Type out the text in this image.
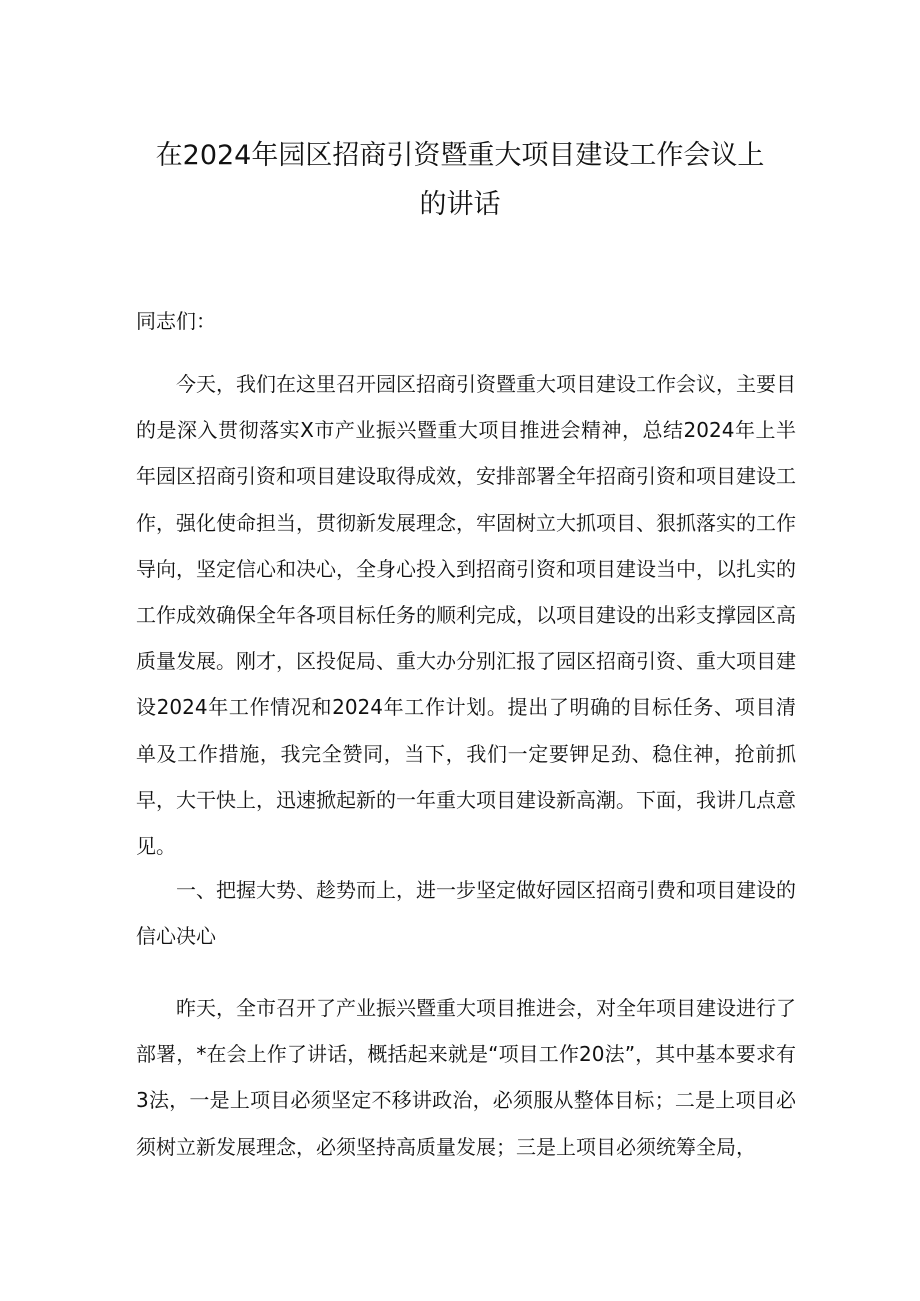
在2024年园区招商引资暨重大项目建设工作会议上
的讲话
同志们：

今天，我们在这里召开园区招商引资暨重大项目建设工作会议，主要目的是深入贯彻落实X市产业振兴暨重大项目推进会精神，总结2024年上半年园区招商引资和项目建设取得成效，安排部署全年招商引资和项目建设工作，强化使命担当，贯彻新发展理念，牢固树立大抓项目、狠抓落实的工作导向，坚定信心和决心，全身心投入到招商引资和项目建设当中，以扎实的工作成效确保全年各项目标任务的顺利完成，以项目建设的出彩支撑园区高质量发展。刚才，区投促局、重大办分别汇报了园区招商引资、重大项目建设2024年工作情况和2024年工作计划。提出了明确的目标任务、项目清单及工作措施，我完全赞同，当下，我们一定要钾足劲、稳住神，抢前抓早，大干快上，迅速掀起新的一年重大项目建设新高潮。下面，我讲几点意见。

一、把握大势、趁势而上，进一步坚定做好园区招商引费和项目建设的信心决心

昨天，全市召开了产业振兴暨重大项目推进会，对全年项目建设进行了部署，*在会上作了讲话，概括起来就是“项目工作20法”，其中基本要求有3法，一是上项目必须坚定不移讲政治，必须服从整体目标；二是上项目必须树立新发展理念，必须坚持高质量发展；三是上项目必须统筹全局，
